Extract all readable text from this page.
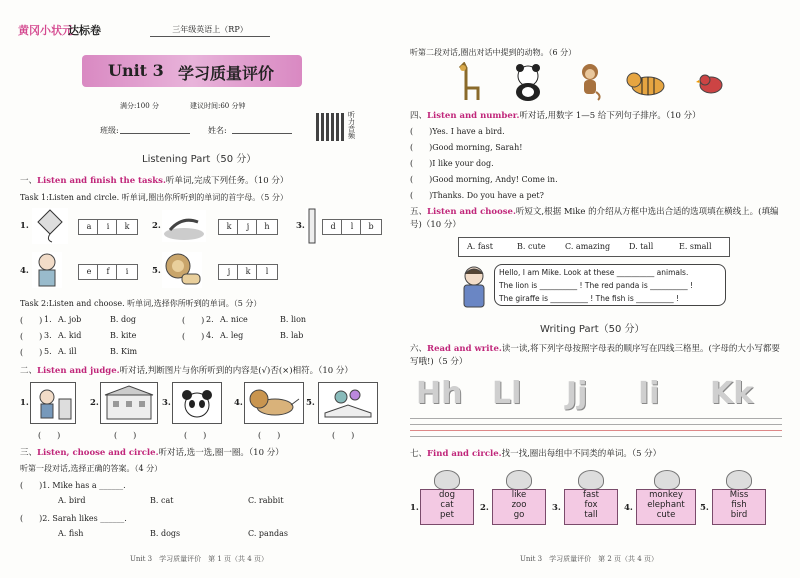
黄冈小状元
达标卷	三年级英语上（RP）
Unit 3 学习质量评价
满分:100 分	建议时间:60 分钟
班级:	姓名:
听力音频
Listening Part（50 分）
一、Listen and finish the tasks.听单词,完成下列任务。（10 分）
Task 1:Listen and circle. 听单词,圈出你所听到的单词的首字母。（5 分）
1.	a	i	k	2.	k	j	h	3.	d	l	b
4.	e	f	i	5.	j	k	l
Task 2:Listen and choose. 听单词,选择你所听到的单词。（5 分）
(　　) 1. A. job	B. dog	(　　) 2. A. nice	B. lion
(　　) 3. A. kid	B. kite	(　　) 4. A. leg	B. lab
(　　) 5. A. ill	B. Kim
二、Listen and judge.听对话,判断图片与你所听到的内容是(√)否(×)相符。（10 分）
1.
(　　)
2.
(　　)
3.
(　　)
4.
(　　)
5.
(　　)
三、Listen, choose and circle.听对话,选一选,圈一圈。（10 分）
听第一段对话,选择正确的答案。（4 分）
(　　)1. Mike has a ______.
A. bird	B. cat	C. rabbit
(　　)2. Sarah likes ______.
A. fish	B. dogs	C. pandas
Unit 3　学习质量评价　第 1 页（共 4 页）
听第二段对话,圈出对话中提到的动物。（6 分）
四、Listen and number.听对话,用数字 1—5 给下列句子排序。（10 分）
(　　)Yes. I have a bird.
(　　)Good morning, Sarah!
(　　)I like your dog.
(　　)Good morning, Andy! Come in.
(　　)Thanks. Do you have a pet?
五、Listen and choose.听短文,根据 Mike 的介绍从方框中选出合适的选项填在横线上。(填编号)（10 分）
A. fast	B. cute C. amazing D. tall	E. small
Hello, I am Mike. Look at these __________ animals.
The lion is __________ ! The red panda is __________ !
The giraffe is __________ ! The fish is __________ !
Writing Part（50 分）
六、Read and write.读一读,将下列字母按照字母表的顺序写在四线三格里。(字母的大小写都要写哦!)（5 分）
Hh Ll Jj Ii Kk
七、Find and circle.找一找,圈出每组中不同类的单词。（5 分）
1.
dog
cat
pet
2.
like
zoo
go
3.
fast
fox
tall
4.
monkey
elephant
cute
5.
Miss
fish
bird
Unit 3　学习质量评价　第 2 页（共 4 页）
